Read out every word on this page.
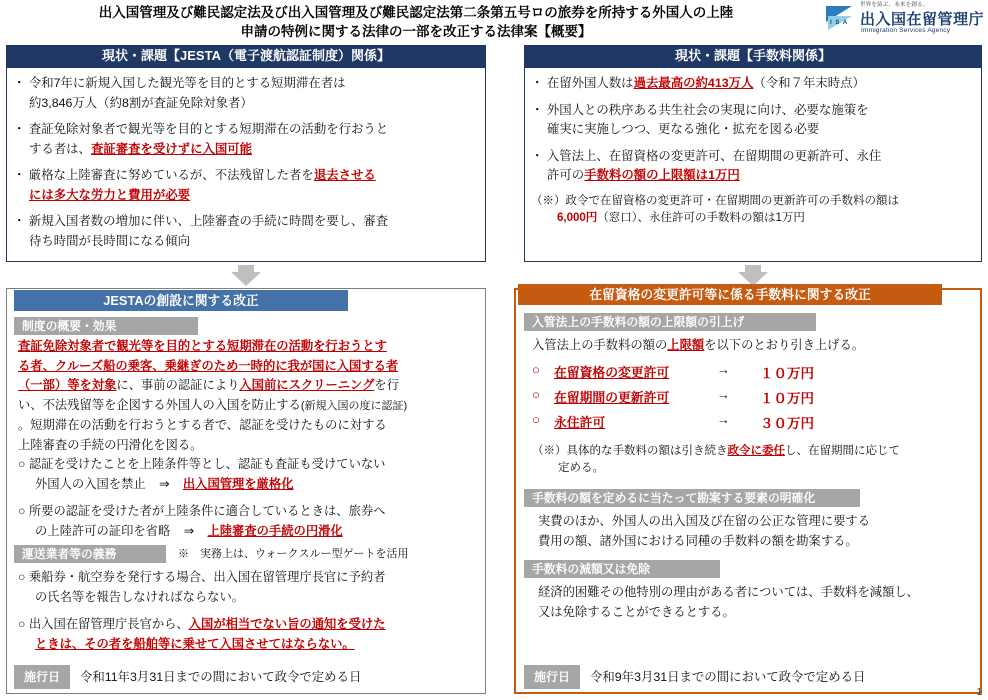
出入国管理及び難民認定法及び出入国管理及び難民認定法第二条第五号ロの旅券を所持する外国人の上陸
申請の特例に関する法律の一部を改正する法律案【概要】
I S A
世界を結ぶ、未来を創る。
出入国在留管理庁
Immigration Services Agency
現状・課題【JESTA（電子渡航認証制度）関係】
・ 令和7年に新規入国した観光等を目的とする短期滞在者は
約3,846万人（約8割が査証免除対象者）
・ 査証免除対象者で観光等を目的とする短期滞在の活動を行おうと
する者は、査証審査を受けずに入国可能
・ 厳格な上陸審査に努めているが、不法残留した者を退去させる
には多大な労力と費用が必要
・ 新規入国者数の増加に伴い、上陸審査の手続に時間を要し、審査
待ち時間が長時間になる傾向
現状・課題【手数料関係】
・ 在留外国人数は過去最高の約413万人（令和７年末時点）
・ 外国人との秩序ある共生社会の実現に向け、必要な施策を
確実に実施しつつ、更なる強化・拡充を図る必要
・ 入管法上、在留資格の変更許可、在留期間の更新許可、永住
許可の手数料の額の上限額は1万円
（※）政令で在留資格の変更許可・在留期間の更新許可の手数料の額は
6,000円（窓口）、永住許可の手数料の額は1万円
JESTAの創設に関する改正
制度の概要・効果
査証免除対象者で観光等を目的とする短期滞在の活動を行おうとす
る者、クルーズ船の乗客、乗継ぎのため一時的に我が国に入国する者
（一部）等を対象に、事前の認証により入国前にスクリーニングを行
い、不法残留等を企図する外国人の入国を防止する(新規入国の度に認証)
。短期滞在の活動を行おうとする者で、認証を受けたものに対する
上陸審査の手続の円滑化を図る。
○ 認証を受けたことを上陸条件等とし、認証も査証も受けていない
外国人の入国を禁止 ⇒ 出入国管理を厳格化
○ 所要の認証を受けた者が上陸条件に適合しているときは、旅券へ
の上陸許可の証印を省略 ⇒ 上陸審査の手続の円滑化
※　実務上は、ウォークスルー型ゲートを活用
運送業者等の義務
○ 乗船券・航空券を発行する場合、出入国在留管理庁長官に予約者
の氏名等を報告しなければならない。
○ 出入国在留管理庁長官から、入国が相当でない旨の通知を受けた
ときは、その者を船舶等に乗せて入国させてはならない。
施行日	令和11年3月31日までの間において政令で定める日
在留資格の変更許可等に係る手数料に関する改正
入管法上の手数料の額の上限額の引上げ
入管法上の手数料の額の上限額を以下のとおり引き上げる。
○ 在留資格の変更許可	→ １０万円
○ 在留期間の更新許可	→ １０万円
○ 永住許可	→ ３０万円
（※）具体的な手数料の額は引き続き政令に委任し、在留期間に応じて
定める。
手数料の額を定めるに当たって勘案する要素の明確化
実費のほか、外国人の出入国及び在留の公正な管理に要する
費用の額、諸外国における同種の手数料の額を勘案する。
手数料の減額又は免除
経済的困難その他特別の理由がある者については、手数料を減額し、
又は免除することができるとする。
施行日	令和9年3月31日までの間において政令で定める日
1
